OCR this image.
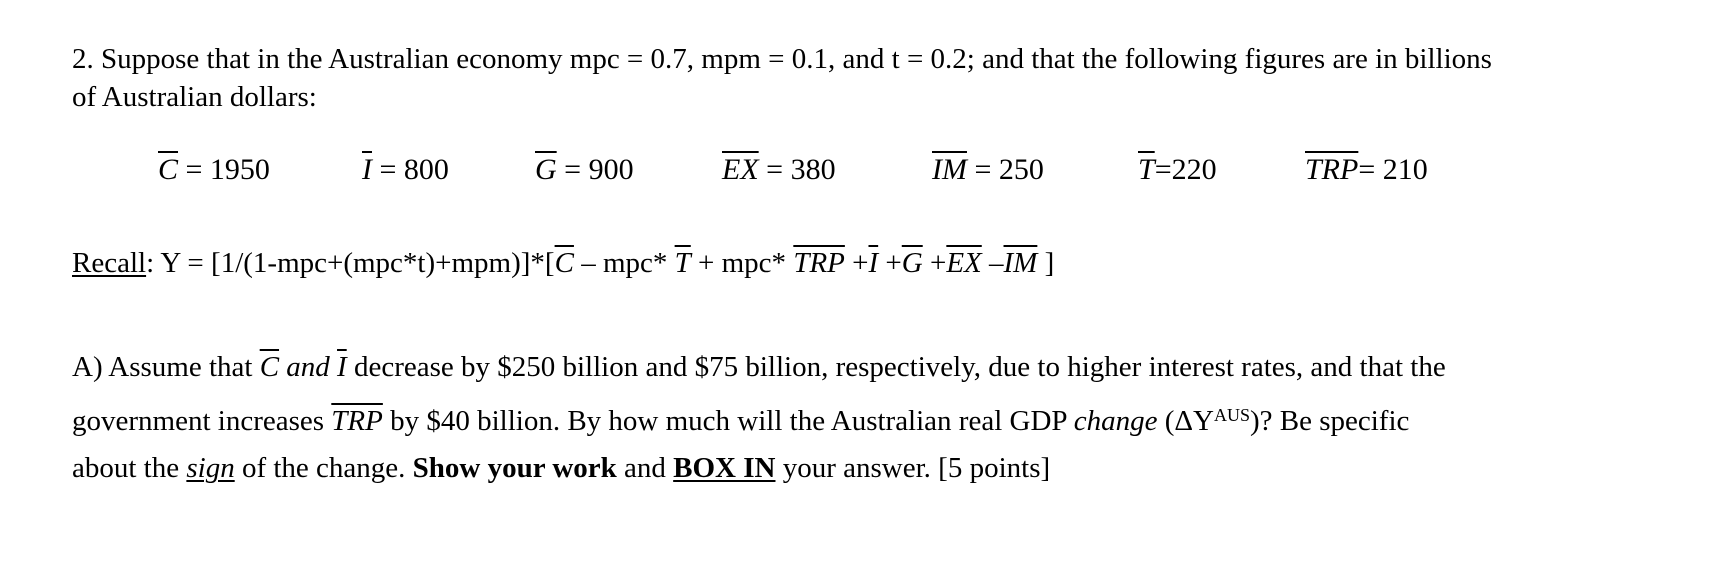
2. Suppose that in the Australian economy mpc = 0.7, mpm = 0.1, and t = 0.2; and that the following figures are in billions
of Australian dollars:
$\overline{C} = 1950$	$\overline{I} = 800$	$\overline{G} = 900$	$\overline{EX} = 380$	$\overline{IM} = 250$	$\overline{T}=220$	$\overline{TRP}= 210$
Recall: $Y = [1/(1-mpc+(mpc*t)+mpm)]*[\overline{C} - mpc*$ $\overline{T} + mpc*$ $\overline{TRP} +\overline{I} +\overline{G} +\overline{EX}$ $-\overline{IM}$ ]
A) Assume that $\overline{C}$ and $\overline{I}$ decrease by $250 billion and $75 billion, respectively, due to higher interest rates, and that the
government increases $\overline{TRP}$ by $40 billion. By how much will the Australian real GDP change $(\Delta Y^{AUS})$? Be specific
about the sign of the change. Show your work and BOX IN your answer. [5 points]
